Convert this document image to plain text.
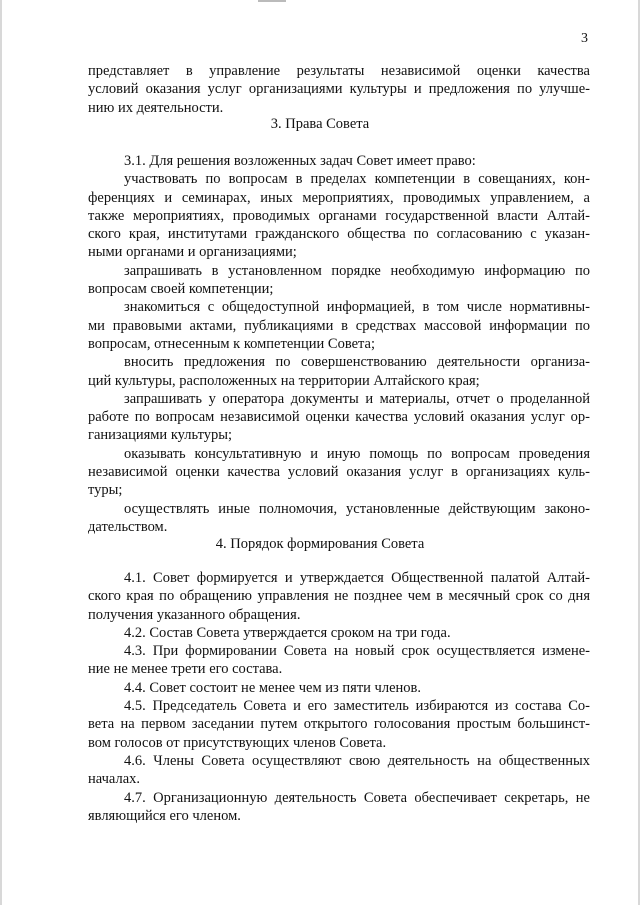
3
представляет в управление результаты независимой оценки качества
условий оказания услуг организациями культуры и предложения по улучше-
нию их деятельности.
3. Права Совета
3.1. Для решения возложенных задач Совет имеет право:
участвовать по вопросам в пределах компетенции в совещаниях, кон-
ференциях и семинарах, иных мероприятиях, проводимых управлением, а
также мероприятиях, проводимых органами государственной власти Алтай-
ского края, институтами гражданского общества по согласованию с указан-
ными органами и организациями;
запрашивать в установленном порядке необходимую информацию по
вопросам своей компетенции;
знакомиться с общедоступной информацией, в том числе нормативны-
ми правовыми актами, публикациями в средствах массовой информации по
вопросам, отнесенным к компетенции Совета;
вносить предложения по совершенствованию деятельности организа-
ций культуры, расположенных на территории Алтайского края;
запрашивать у оператора документы и материалы, отчет о проделанной
работе по вопросам независимой оценки качества условий оказания услуг ор-
ганизациями культуры;
оказывать консультативную и иную помощь по вопросам проведения
независимой оценки качества условий оказания услуг в организациях куль-
туры;
осуществлять иные полномочия, установленные действующим законо-
дательством.
4. Порядок формирования Совета
4.1. Совет формируется и утверждается Общественной палатой Алтай-
ского края по обращению управления не позднее чем в месячный срок со дня
получения указанного обращения.
4.2. Состав Совета утверждается сроком на три года.
4.3. При формировании Совета на новый срок осуществляется измене-
ние не менее трети его состава.
4.4. Совет состоит не менее чем из пяти членов.
4.5. Председатель Совета и его заместитель избираются из состава Со-
вета на первом заседании путем открытого голосования простым большинст-
вом голосов от присутствующих членов Совета.
4.6. Члены Совета осуществляют свою деятельность на общественных
началах.
4.7. Организационную деятельность Совета обеспечивает секретарь, не
являющийся его членом.
